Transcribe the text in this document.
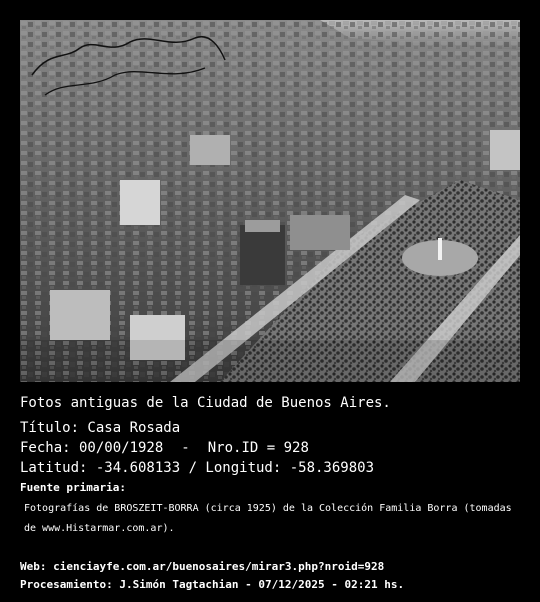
Fotos antiguas de la Ciudad de Buenos Aires.
Título: Casa Rosada
Fecha: 00/00/1928 - Nro.ID = 928
Latitud: -34.608133 / Longitud: -58.369803
Fuente primaria:
Fotografías de BROSZEIT-BORRA (circa 1925) de la Colección Familia Borra (tomadas de www.Histarmar.com.ar).
Web: cienciayfe.com.ar/buenosaires/mirar3.php?nroid=928
Procesamiento: J.Simón Tagtachian - 07/12/2025 - 02:21 hs.
